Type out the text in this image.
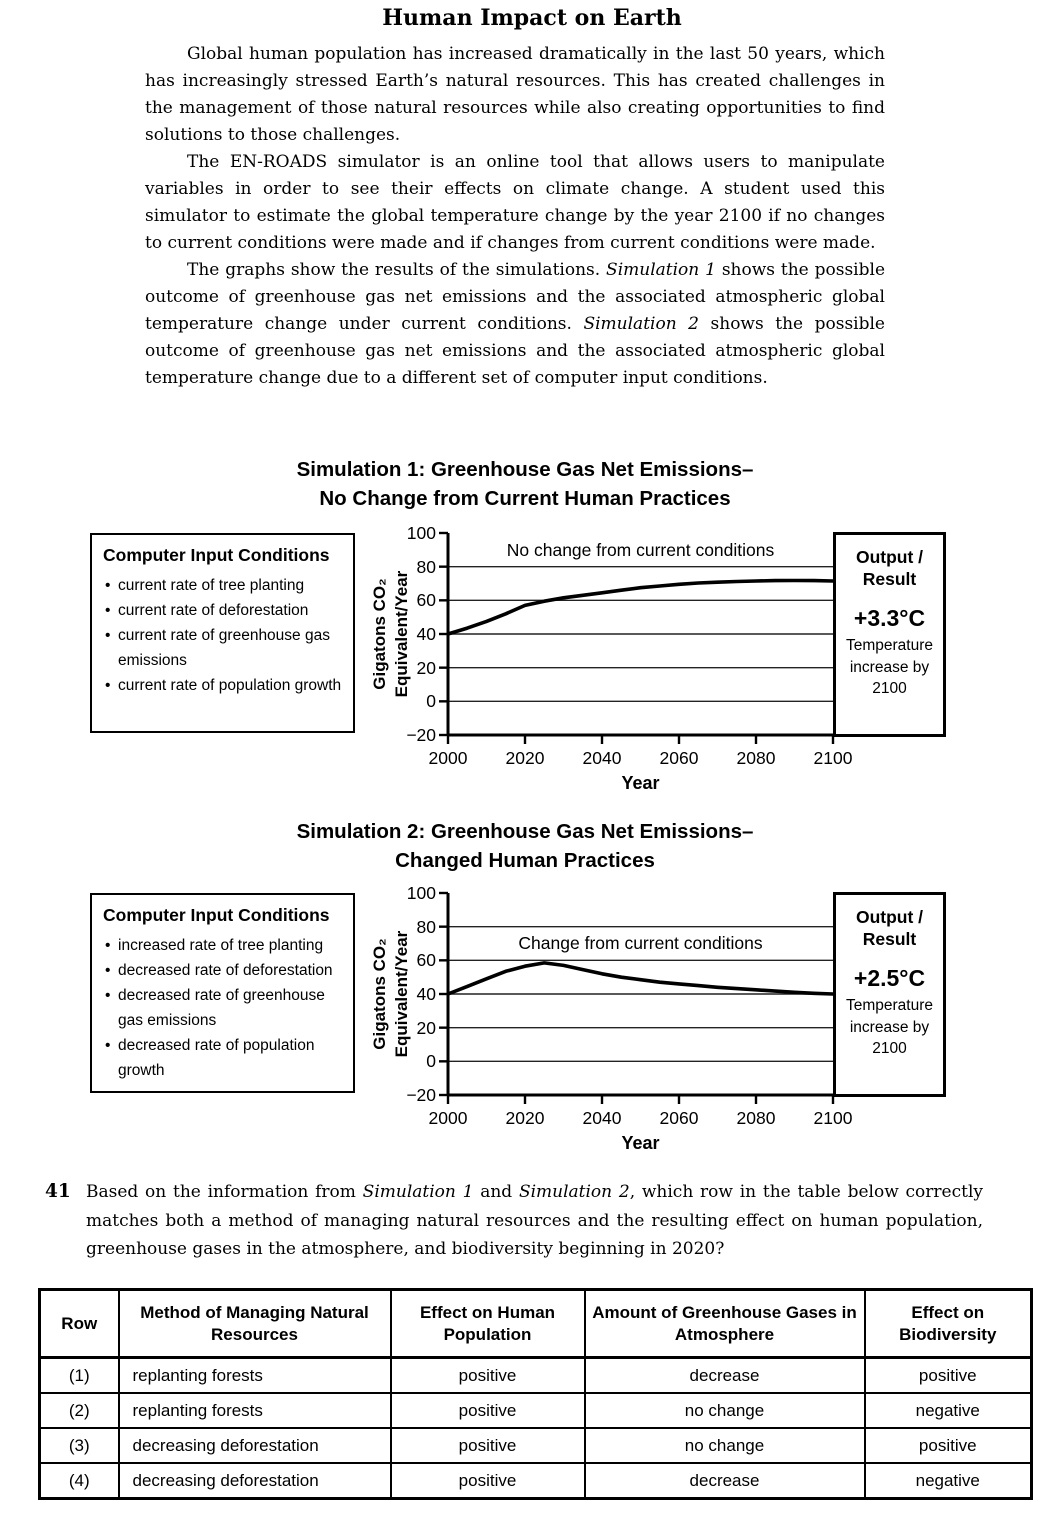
Human Impact on Earth

Global human population has increased dramatically in the last 50 years, which has increasingly stressed Earth’s natural resources. This has created challenges in the management of those natural resources while also creating opportunities to find solutions to those challenges.

The EN-ROADS simulator is an online tool that allows users to manipulate variables in order to see their effects on climate change. A student used this simulator to estimate the global temperature change by the year 2100 if no changes to current conditions were made and if changes from current conditions were made.

The graphs show the results of the simulations. Simulation 1 shows the possible outcome of greenhouse gas net emissions and the associated atmospheric global temperature change under current conditions. Simulation 2 shows the possible outcome of greenhouse gas net emissions and the associated atmospheric global temperature change due to a different set of computer input conditions.

Simulation 1: Greenhouse Gas Net Emissions–
No Change from Current Human Practices
Computer Input Conditions
• current rate of tree planting
• current rate of deforestation
• current rate of greenhouse gas emissions
• current rate of population growth Gigatons CO₂ Equivalent/Year
No change from current conditions
Year
100
80
60
40
20
0
−20
2000	2020	2040	2060	2080	2100
Output /
Result
+3.3°C
Temperature increase by 2100
Simulation 2: Greenhouse Gas Net Emissions–
Changed Human Practices
Computer Input Conditions
• increased rate of tree planting
• decreased rate of deforestation
• decreased rate of greenhouse gas emissions
• decreased rate of population growth
Gigatons CO₂ Equivalent/Year	Change from current conditions
Year
100
80
60
40
20
0
−20
2000	2020	2040	2060	2080	2100
Output /
Result
+2.5°C
Temperature increase by 2100
41 Based on the information from Simulation 1 and Simulation 2, which row in the table below correctly matches both a method of managing natural resources and the resulting effect on human population, greenhouse gases in the atmosphere, and biodiversity beginning in 2020?
Row	Method of Managing Natural Resources	Effect on Human Population	Amount of Greenhouse Gases in Atmosphere	Effect on Biodiversity
(1)	replanting forests	positive	decrease	positive
(2)	replanting forests	positive	no change	negative
(3)	decreasing deforestation	positive	no change	positive
(4)	decreasing deforestation	positive	decrease	negative
